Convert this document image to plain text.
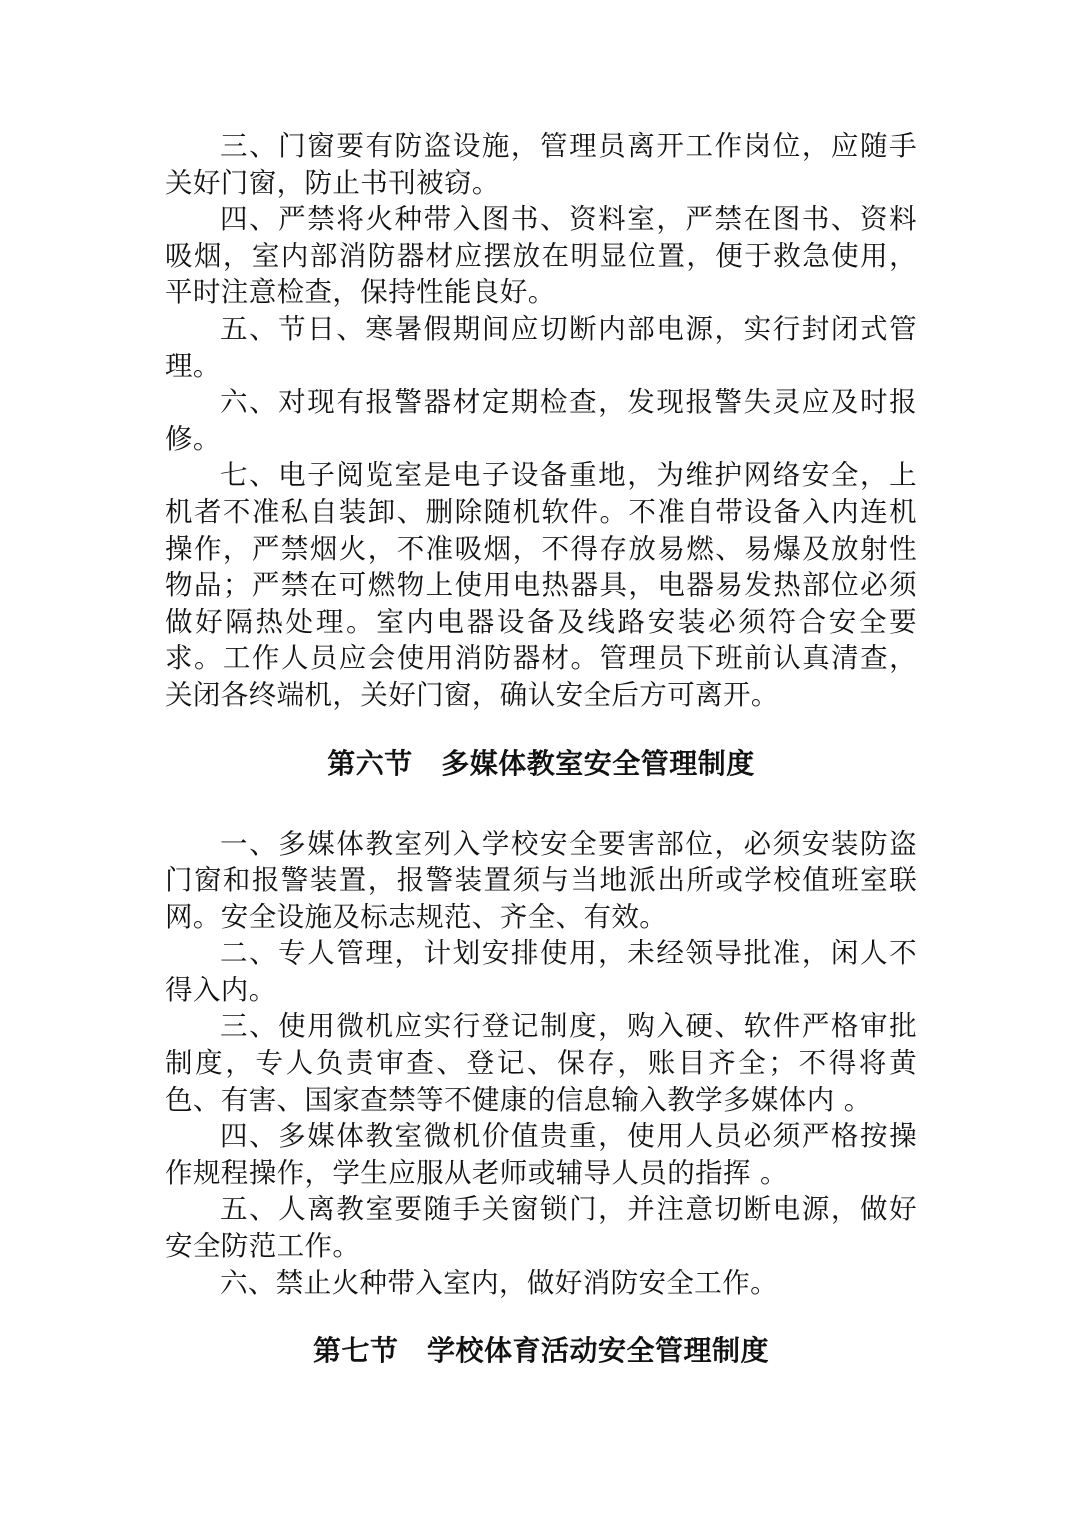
三、门窗要有防盗设施，管理员离开工作岗位，应随手关好门窗，防止书刊被窃。

四、严禁将火种带入图书、资料室，严禁在图书、资料吸烟，室内部消防器材应摆放在明显位置，便于救急使用，平时注意检查，保持性能良好。

五、节日、寒暑假期间应切断内部电源，实行封闭式管理。

六、对现有报警器材定期检查，发现报警失灵应及时报修。

七、电子阅览室是电子设备重地，为维护网络安全，上机者不准私自装卸、删除随机软件。不准自带设备入内连机操作，严禁烟火，不准吸烟，不得存放易燃、易爆及放射性物品；严禁在可燃物上使用电热器具，电器易发热部位必须做好隔热处理。室内电器设备及线路安装必须符合安全要求。工作人员应会使用消防器材。管理员下班前认真清查，关闭各终端机，关好门窗，确认安全后方可离开。

第六节　多媒体教室安全管理制度

一、多媒体教室列入学校安全要害部位，必须安装防盗门窗和报警装置，报警装置须与当地派出所或学校值班室联网。安全设施及标志规范、齐全、有效。

二、专人管理，计划安排使用，未经领导批准，闲人不得入内。

三、使用微机应实行登记制度，购入硬、软件严格审批制度，专人负责审查、登记、保存，账目齐全；不得将黄色、有害、国家查禁等不健康的信息输入教学多媒体内 。

四、多媒体教室微机价值贵重，使用人员必须严格按操作规程操作，学生应服从老师或辅导人员的指挥 。

五、人离教室要随手关窗锁门，并注意切断电源，做好安全防范工作。

六、禁止火种带入室内，做好消防安全工作。

第七节　学校体育活动安全管理制度
